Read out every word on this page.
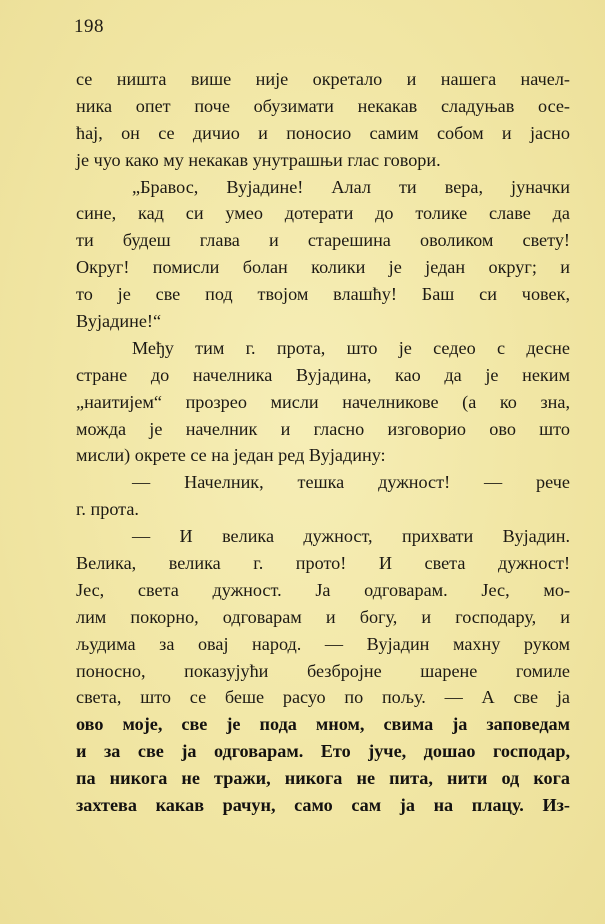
198
се ништа више није окретало и нашега начел-
ника опет поче обузимати некакав сладуњав осе-
ћај, он се дичио и поносио самим собом и јасно
је чуо како му некакав унутрашњи глас говори.
„Бравос, Вујадине! Алал ти вера, јуначки
сине, кад си умео дотерати до толике славе да
ти будеш глава и старешина оволиком свету!
Округ! помисли болан колики је један округ; и
то је све под твојом влашћу! Баш си човек,
Вујадине!“
Међу тим г. прота, што је седео с десне
стране до начелника Вујадина, као да је неким
„наитијем“ прозрео мисли начелникове (а ко зна,
можда је начелник и гласно изговорио ово што
мисли) окрете се на један ред Вујадину:
— Начелник, тешка дужност! — рече
г. прота.
— И велика дужност, прихвати Вујадин.
Велика, велика г. прото! И света дужност!
Јес, света дужност. Ја одговарам. Јес, мо-
лим покорно, одговарам и богу, и господару, и
људима за овај народ. — Вујадин махну руком
поносно, показујући безбројне шарене гомиле
света, што се беше расуо по пољу. — А све ја
ово моје, све је пода мном, свима ја заповедам
и за све ја одговарам. Ето јуче, дошао господар,
па никога не тражи, никога не пита, нити од кога
захтева какав рачун, само сам ја на плацу. Из-
